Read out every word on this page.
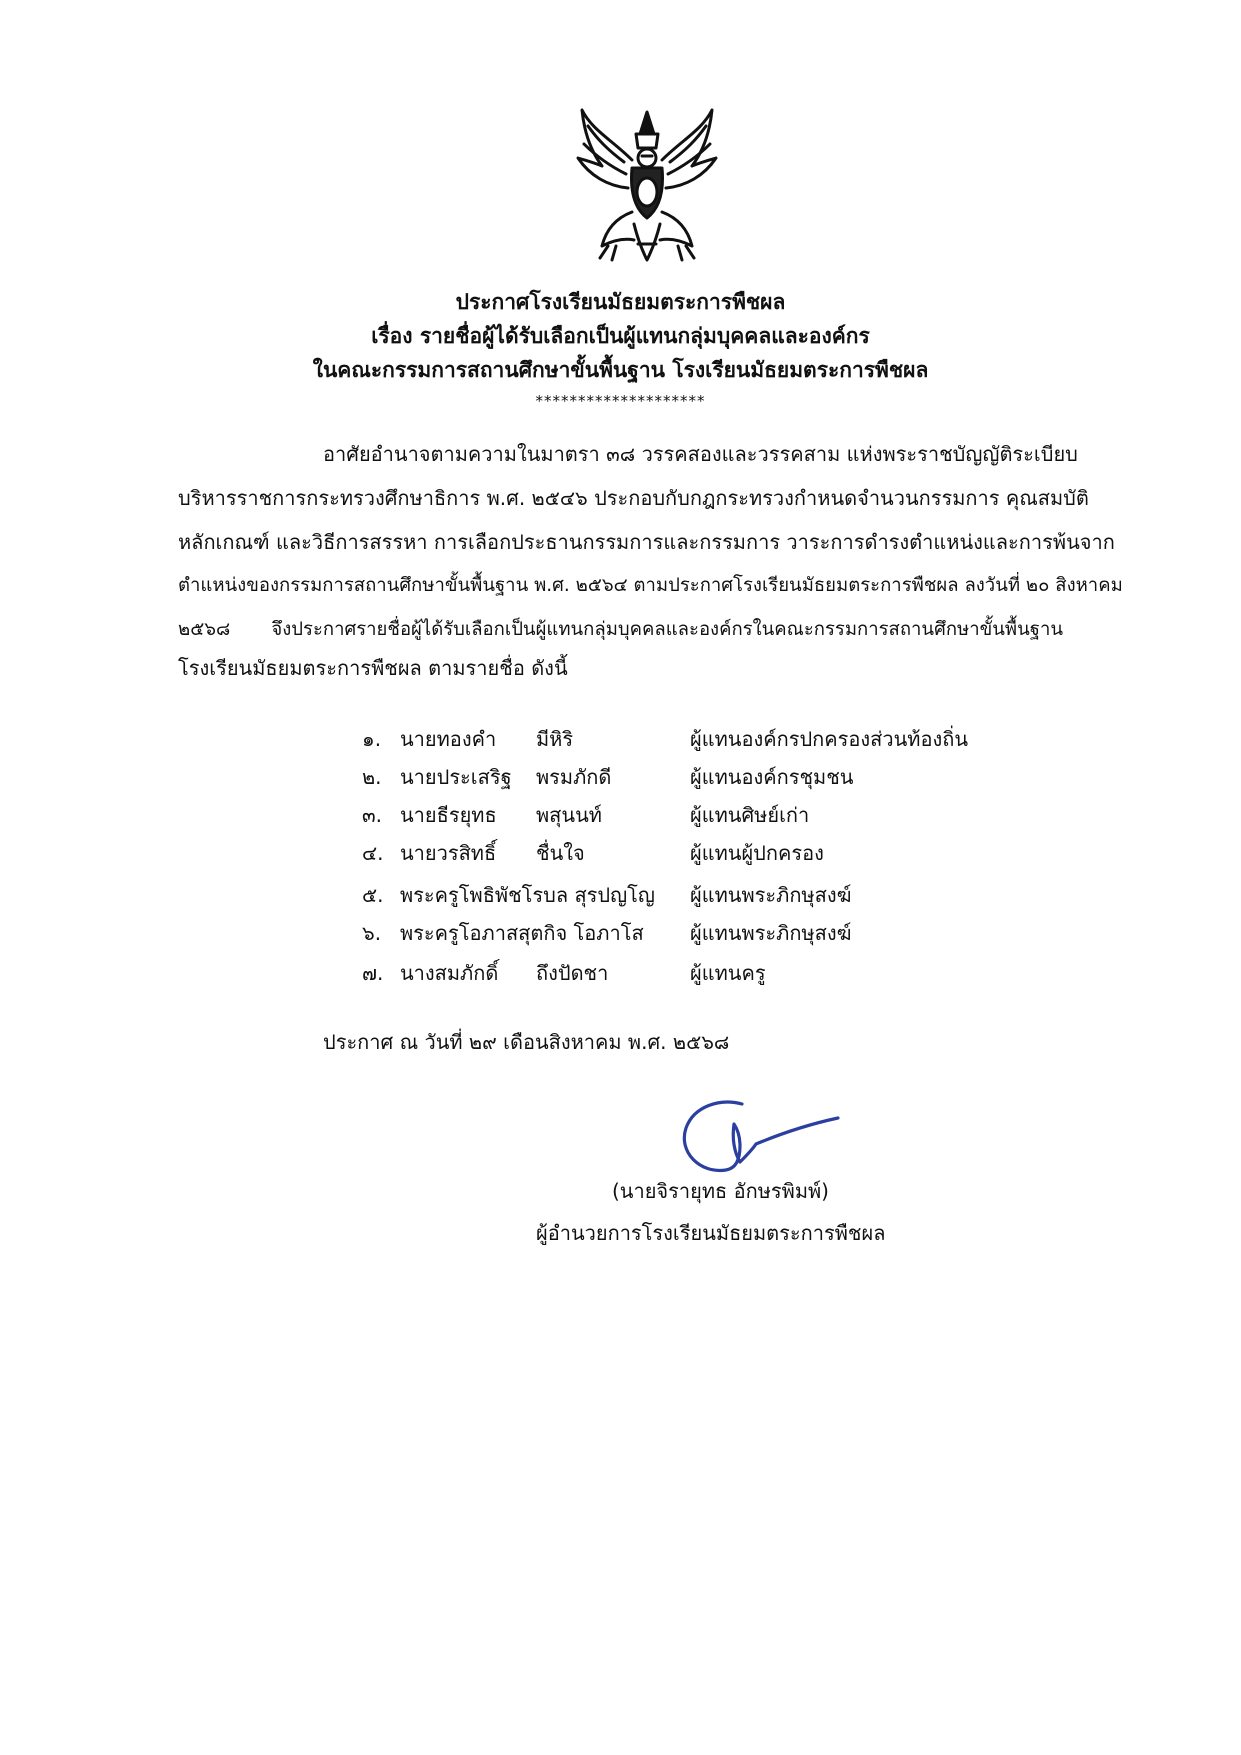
ประกาศโรงเรียนมัธยมตระการพืชผล
เรื่อง รายชื่อผู้ได้รับเลือกเป็นผู้แทนกลุ่มบุคคลและองค์กร
ในคณะกรรมการสถานศึกษาขั้นพื้นฐาน โรงเรียนมัธยมตระการพืชผล
********************
อาศัยอำนาจตามความในมาตรา ๓๘ วรรคสองและวรรคสาม แห่งพระราชบัญญัติระเบียบ
บริหารราชการกระทรวงศึกษาธิการ พ.ศ. ๒๕๔๖ ประกอบกับกฎกระทรวงกำหนดจำนวนกรรมการ คุณสมบัติ
หลักเกณฑ์ และวิธีการสรรหา การเลือกประธานกรรมการและกรรมการ วาระการดำรงตำแหน่งและการพ้นจาก
ตำแหน่งของกรรมการสถานศึกษาขั้นพื้นฐาน พ.ศ. ๒๕๖๔ ตามประกาศโรงเรียนมัธยมตระการพืชผล ลงวันที่ ๒๐ สิงหาคม
๒๕๖๘ จึงประกาศรายชื่อผู้ได้รับเลือกเป็นผู้แทนกลุ่มบุคคลและองค์กรในคณะกรรมการสถานศึกษาขั้นพื้นฐาน
โรงเรียนมัธยมตระการพืชผล ตามรายชื่อ ดังนี้
๑. นายทองคำ มีหิริ	ผู้แทนองค์กรปกครองส่วนท้องถิ่น
๒. นายประเสริฐ พรมภักดี	ผู้แทนองค์กรชุมชน
๓. นายธีรยุทธ พสุนนท์	ผู้แทนศิษย์เก่า
๔. นายวรสิทธิ์ ชื่นใจ	ผู้แทนผู้ปกครอง
๕. พระครูโพธิพัชโรบล สุรปญโญ ผู้แทนพระภิกษุสงฆ์
๖. พระครูโอภาสสุตกิจ โอภาโส ผู้แทนพระภิกษุสงฆ์
๗. นางสมภักดิ์ ถึงปัดชา	ผู้แทนครู
ประกาศ ณ วันที่ ๒๙ เดือนสิงหาคม พ.ศ. ๒๕๖๘
(นายจิรายุทธ อักษรพิมพ์)
ผู้อำนวยการโรงเรียนมัธยมตระการพืชผล
